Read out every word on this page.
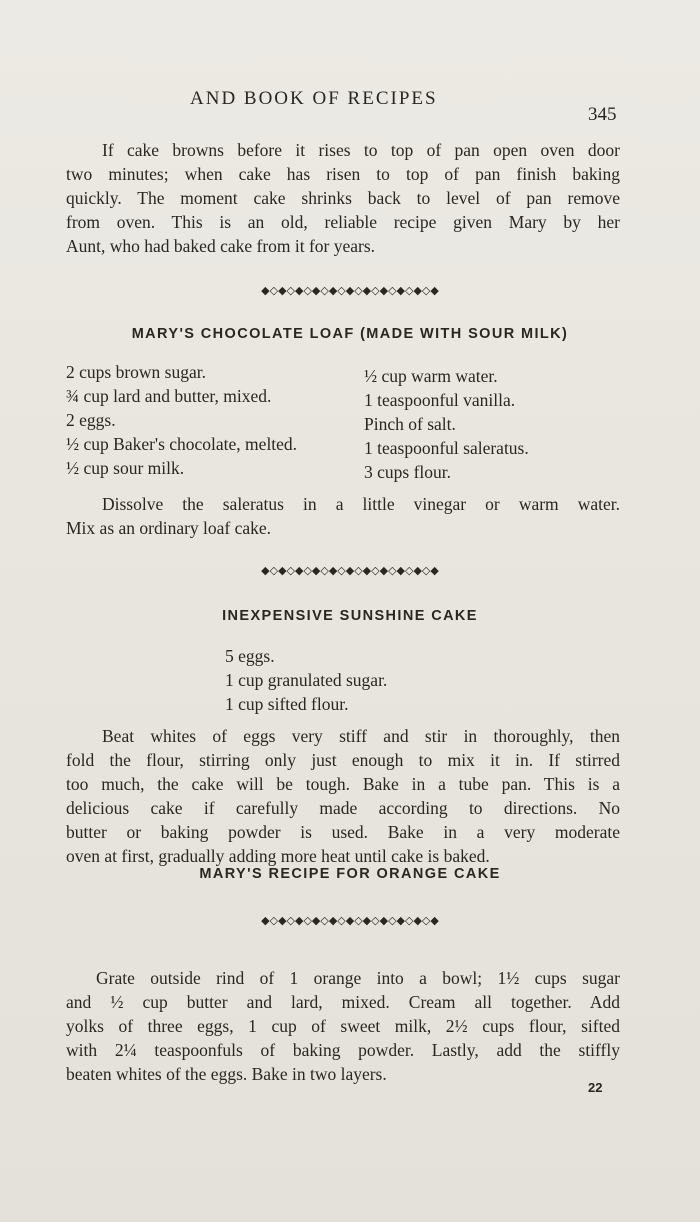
AND BOOK OF RECIPES
345
If cake browns before it rises to top of pan open oven door
two minutes; when cake has risen to top of pan finish baking
quickly. The moment cake shrinks back to level of pan remove
from oven. This is an old, reliable recipe given Mary by her
Aunt, who had baked cake from it for years.
◆◇◆◇◆◇◆◇◆◇◆◇◆◇◆◇◆◇◆◇◆
MARY'S CHOCOLATE LOAF (MADE WITH SOUR MILK)
2 cups brown sugar.
¾ cup lard and butter, mixed.
2 eggs.
½ cup Baker's chocolate, melted.
½ cup sour milk.
½ cup warm water.
1 teaspoonful vanilla.
Pinch of salt.
1 teaspoonful saleratus.
3 cups flour.
Dissolve the saleratus in a little vinegar or warm water.
Mix as an ordinary loaf cake.
◆◇◆◇◆◇◆◇◆◇◆◇◆◇◆◇◆◇◆◇◆
INEXPENSIVE SUNSHINE CAKE
5 eggs.
1 cup granulated sugar.
1 cup sifted flour.
Beat whites of eggs very stiff and stir in thoroughly, then
fold the flour, stirring only just enough to mix it in. If stirred
too much, the cake will be tough. Bake in a tube pan. This is a
delicious cake if carefully made according to directions. No
butter or baking powder is used. Bake in a very moderate
oven at first, gradually adding more heat until cake is baked.
MARY'S RECIPE FOR ORANGE CAKE
◆◇◆◇◆◇◆◇◆◇◆◇◆◇◆◇◆◇◆◇◆
Grate outside rind of 1 orange into a bowl; 1½ cups sugar
and ½ cup butter and lard, mixed. Cream all together. Add
yolks of three eggs, 1 cup of sweet milk, 2½ cups flour, sifted
with 2¼ teaspoonfuls of baking powder. Lastly, add the stiffly
beaten whites of the eggs. Bake in two layers.
22
